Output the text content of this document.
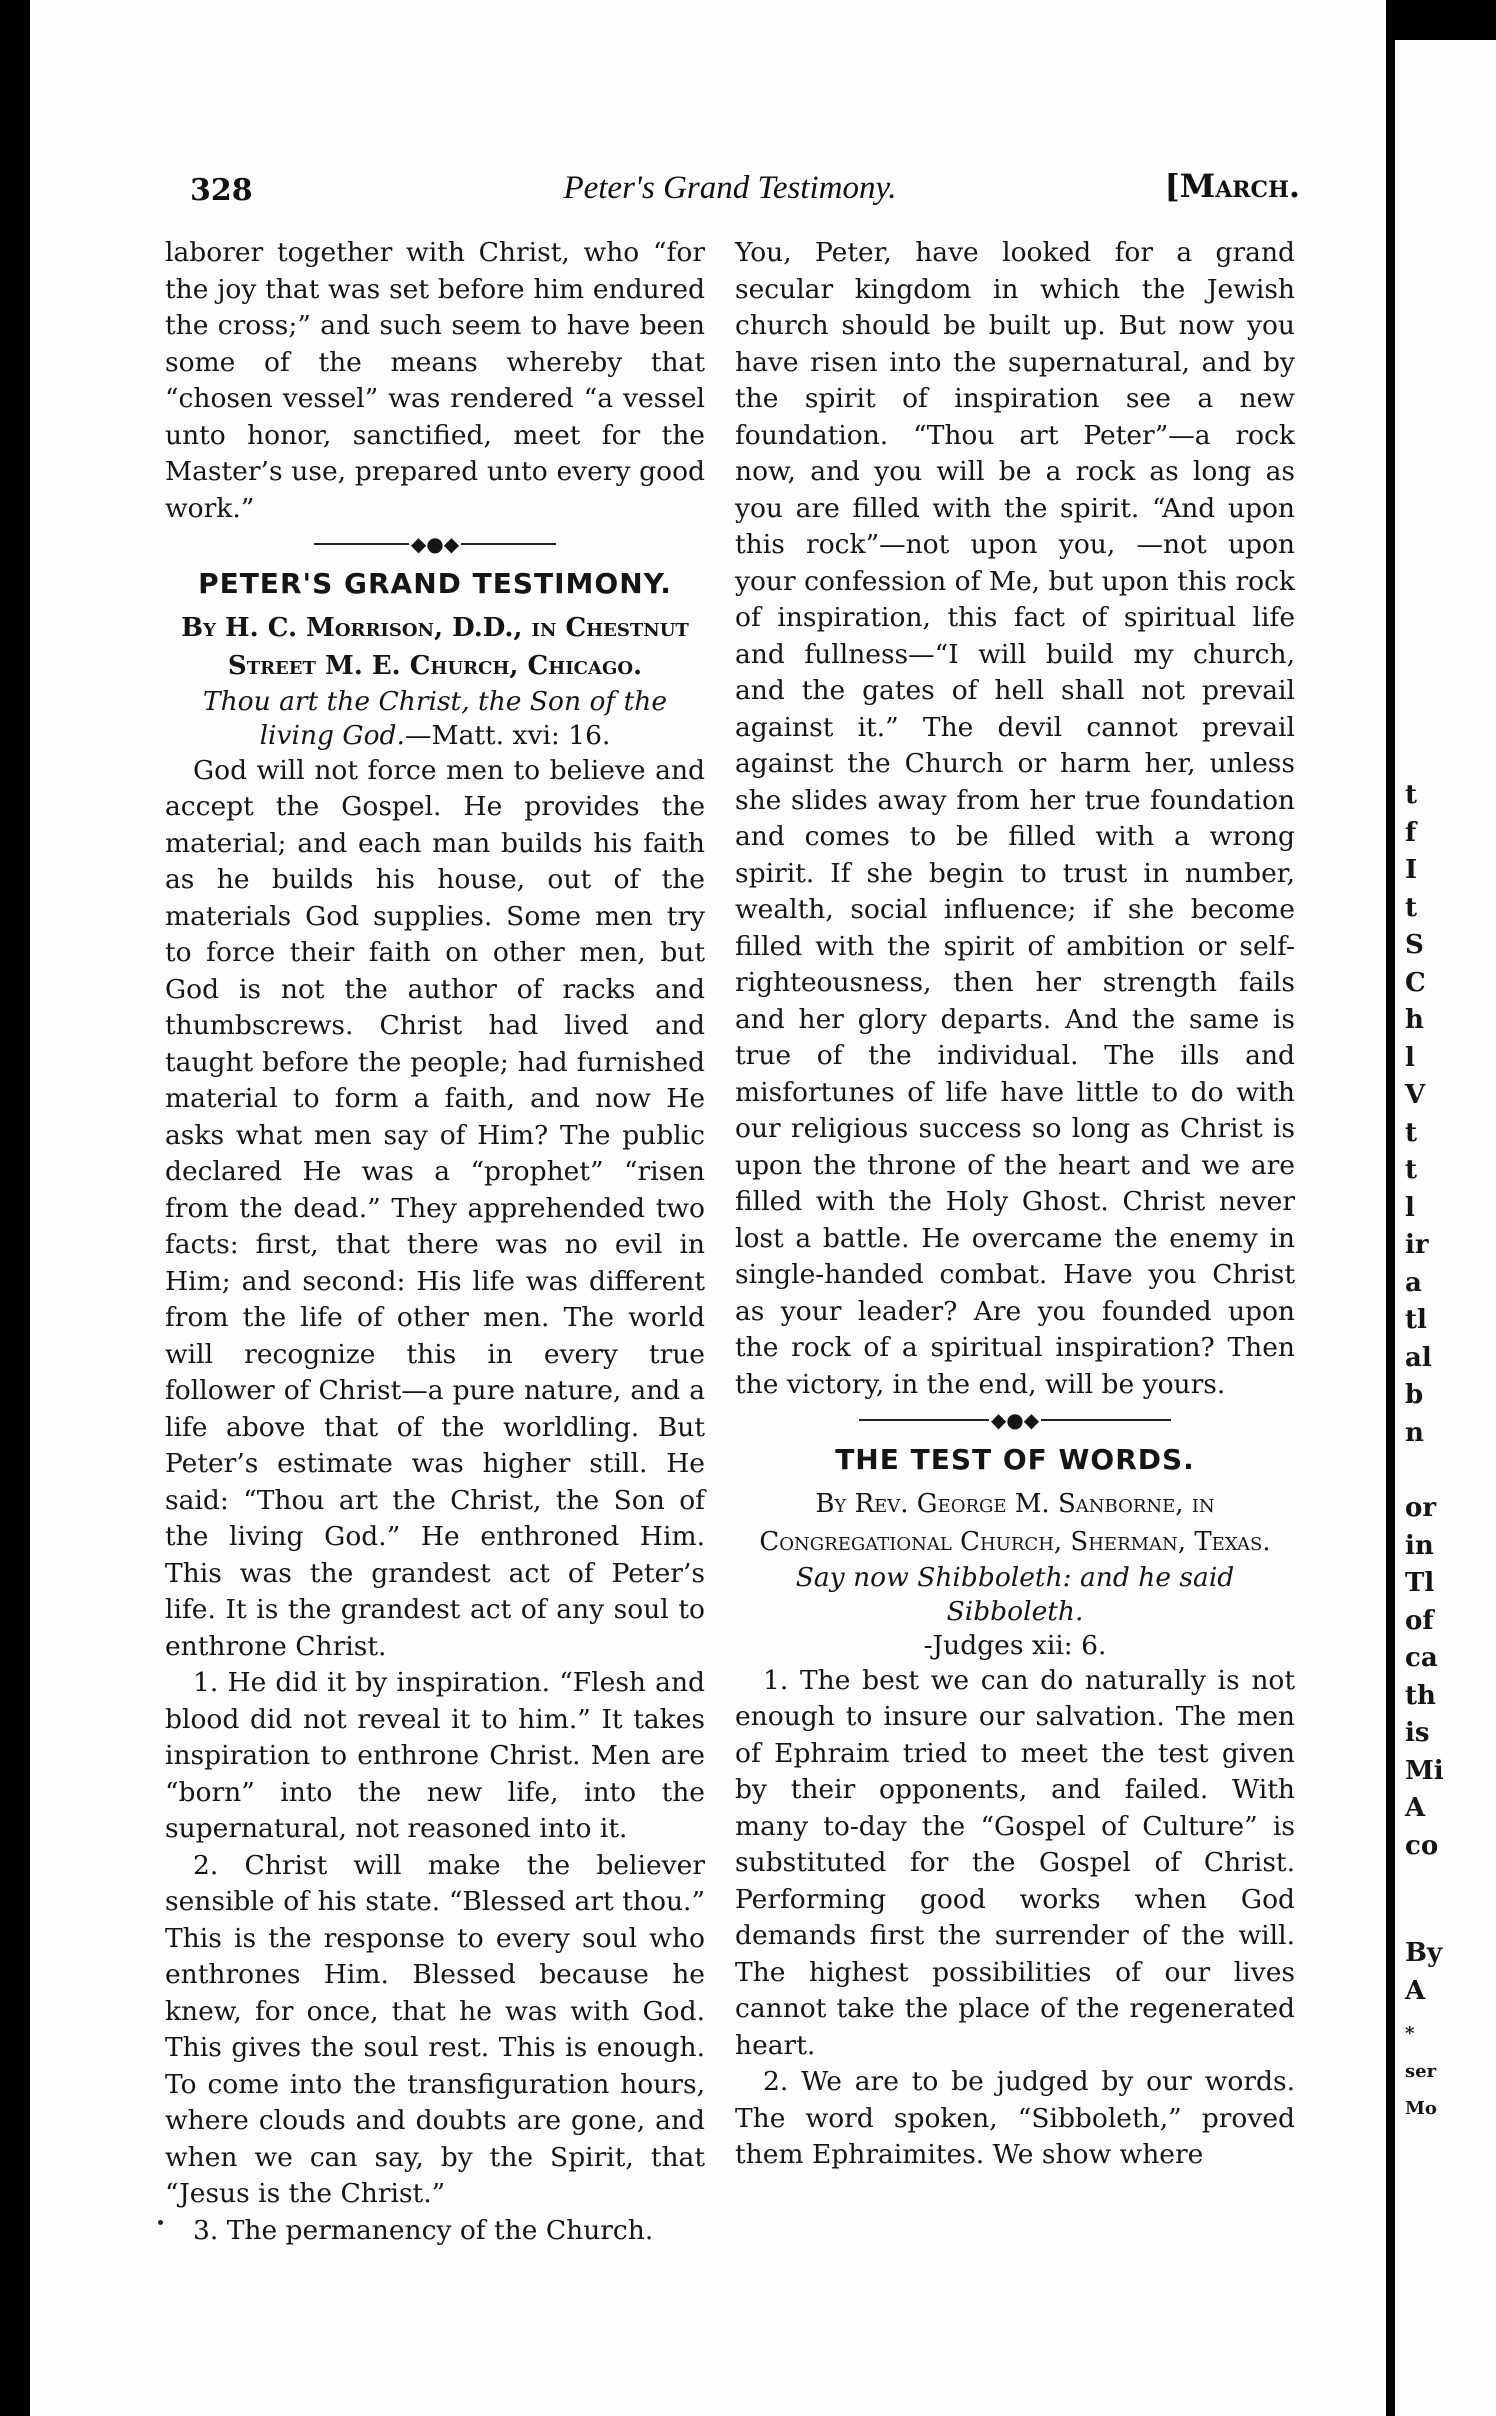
328	Peter's Grand Testimony.	[March.

laborer together with Christ, who “for the joy that was set before him endured the cross;” and such seem to have been some of the means whereby that “chosen vessel” was rendered “a vessel unto honor, sanctified, meet for the Master’s use, prepared unto every good work.”

◆●◆
PETER'S GRAND TESTIMONY.

By H. C. Morrison, D.D., in Chestnut

Street M. E. Church, Chicago.

Thou art the Christ, the Son of the living God.—Matt. xvi: 16.

God will not force men to believe and accept the Gospel. He provides the material; and each man builds his faith as he builds his house, out of the materials God supplies. Some men try to force their faith on other men, but God is not the author of racks and thumbscrews. Christ had lived and taught before the people; had furnished material to form a faith, and now He asks what men say of Him? The public declared He was a “prophet” “risen from the dead.” They apprehended two facts: first, that there was no evil in Him; and second: His life was different from the life of other men. The world will recognize this in every true follower of Christ—a pure nature, and a life above that of the worldling. But Peter’s estimate was higher still. He said: “Thou art the Christ, the Son of the living God.” He enthroned Him. This was the grandest act of Peter’s life. It is the grandest act of any soul to enthrone Christ.

1. He did it by inspiration. “Flesh and blood did not reveal it to him.” It takes inspiration to enthrone Christ. Men are “born” into the new life, into the supernatural, not reasoned into it.

2. Christ will make the believer sensible of his state. “Blessed art thou.” This is the response to every soul who enthrones Him. Blessed because he knew, for once, that he was with God. This gives the soul rest. This is enough. To come into the transfiguration hours, where clouds and doubts are gone, and when we can say, by the Spirit, that “Jesus is the Christ.”

3. The permanency of the Church.

You, Peter, have looked for a grand secular kingdom in which the Jewish church should be built up. But now you have risen into the supernatural, and by the spirit of inspiration see a new foundation. “Thou art Peter”—a rock now, and you will be a rock as long as you are filled with the spirit. “And upon this rock”—not upon you, —not upon your confession of Me, but upon this rock of inspiration, this fact of spiritual life and fullness—“I will build my church, and the gates of hell shall not prevail against it.” The devil cannot prevail against the Church or harm her, unless she slides away from her true foundation and comes to be filled with a wrong spirit. If she begin to trust in number, wealth, social influence; if she become filled with the spirit of ambition or self-righteousness, then her strength fails and her glory departs. And the same is true of the individual. The ills and misfortunes of life have little to do with our religious success so long as Christ is upon the throne of the heart and we are filled with the Holy Ghost. Christ never lost a battle. He overcame the enemy in single-handed combat. Have you Christ as your leader? Are you founded upon the rock of a spiritual inspiration? Then the victory, in the end, will be yours.

◆●◆
THE TEST OF WORDS.

By Rev. George M. Sanborne, in Congregational Church, Sherman, Texas.

Say now Shibboleth: and he said Sibboleth.
-Judges xii: 6.

1. The best we can do naturally is not enough to insure our salvation. The men of Ephraim tried to meet the test given by their opponents, and failed. With many to-day the “Gospel of Culture” is substituted for the Gospel of Christ. Performing good works when God demands first the surrender of the will. The highest possibilities of our lives cannot take the place of the regenerated heart.

2. We are to be judged by our words. The word spoken, “Sibboleth,” proved them Ephraimites. We show where

t
f
I
t
S
C
h
l
V
t
t
l
ir
a
tl
al
b
n
or
in
Tl
of
ca
th
is
Mi
A
co
By
A
*
ser
Mo
